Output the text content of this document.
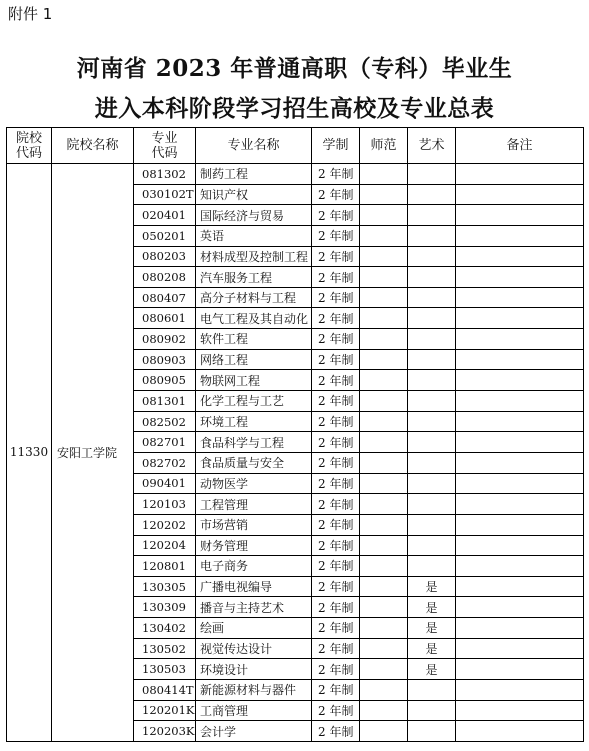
附件 1
河南省 2023 年普通高职（专科）毕业生
进入本科阶段学习招生高校及专业总表
院校代码	院校名称	专业代码	专业名称	学制	师范	艺术	备注
11330	安阳工学院	081302	制药工程	2 年制			
		030102T	知识产权	2 年制			
		020401	国际经济与贸易	2 年制			
		050201	英语	2 年制			
		080203	材料成型及控制工程	2 年制			
		080208	汽车服务工程	2 年制			
		080407	高分子材料与工程	2 年制			
		080601	电气工程及其自动化	2 年制			
		080902	软件工程	2 年制			
		080903	网络工程	2 年制			
		080905	物联网工程	2 年制			
		081301	化学工程与工艺	2 年制			
		082502	环境工程	2 年制			
		082701	食品科学与工程	2 年制			
		082702	食品质量与安全	2 年制			
		090401	动物医学	2 年制			
		120103	工程管理	2 年制			
		120202	市场营销	2 年制			
		120204	财务管理	2 年制			
		120801	电子商务	2 年制			
		130305	广播电视编导	2 年制		是	
		130309	播音与主持艺术	2 年制		是	
		130402	绘画	2 年制		是	
		130502	视觉传达设计	2 年制		是	
		130503	环境设计	2 年制		是	
		080414T	新能源材料与器件	2 年制			
		120201K	工商管理	2 年制			
		120203K	会计学	2 年制			
